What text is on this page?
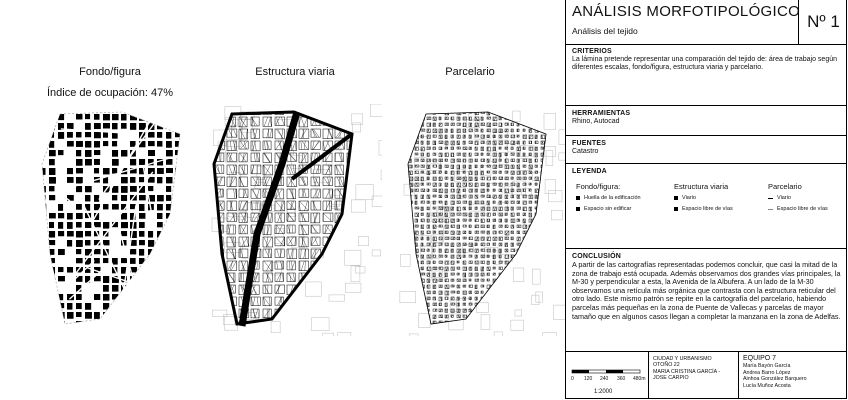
Fondo/figura
Índice de ocupación: 47%
Estructura viaria	Parcelario
ANÁLISIS MORFOTIPOLÓGICO
Análisis del tejido	Nº 1
CRITERIOS

La lámina pretende representar una comparación del tejido de: área de trabajo según diferentes escalas, fondo/figura, estructura viaria y parcelario.

HERRAMIENTAS

Rhino, Autocad

FUENTES

Catastro

LEYENDA
Fondo/figura:
Huella de la edificación
Espacio sin edificar
Estructura viaria
Viario
Espacio libre de vías
Parcelario
Viario
Espacio libre de vías
CONCLUSIÓN

A partir de las cartografías representadas podemos concluir, que casi la mitad de la zona de trabajo está ocupada. Además observamos dos grandes vías principales, la M-30 y perpendicular a esta, la Avenida de la Albufera. A un lado de la M-30 observamos una retícula más orgánica que contrasta con la estructura reticular del otro lado. Este mismo patrón se repite en la cartografía del parcelario, habiendo parcelas más pequeñas en la zona de Puente de Vallecas y parcelas de mayor tamaño que en algunos casos llegan a completar la manzana en la zona de Adelfas.

0 120 240 360 480m
1:2000
CIUDAD Y URBANISMO
OTOÑO 22
MARIA CRISTINA GARCÍA -
JOSE CARPIO
EQUIPO 7
María Bayón García
Andrea Barro López
Ainhoa González Barquero
Lucía Muñoz Acosta
